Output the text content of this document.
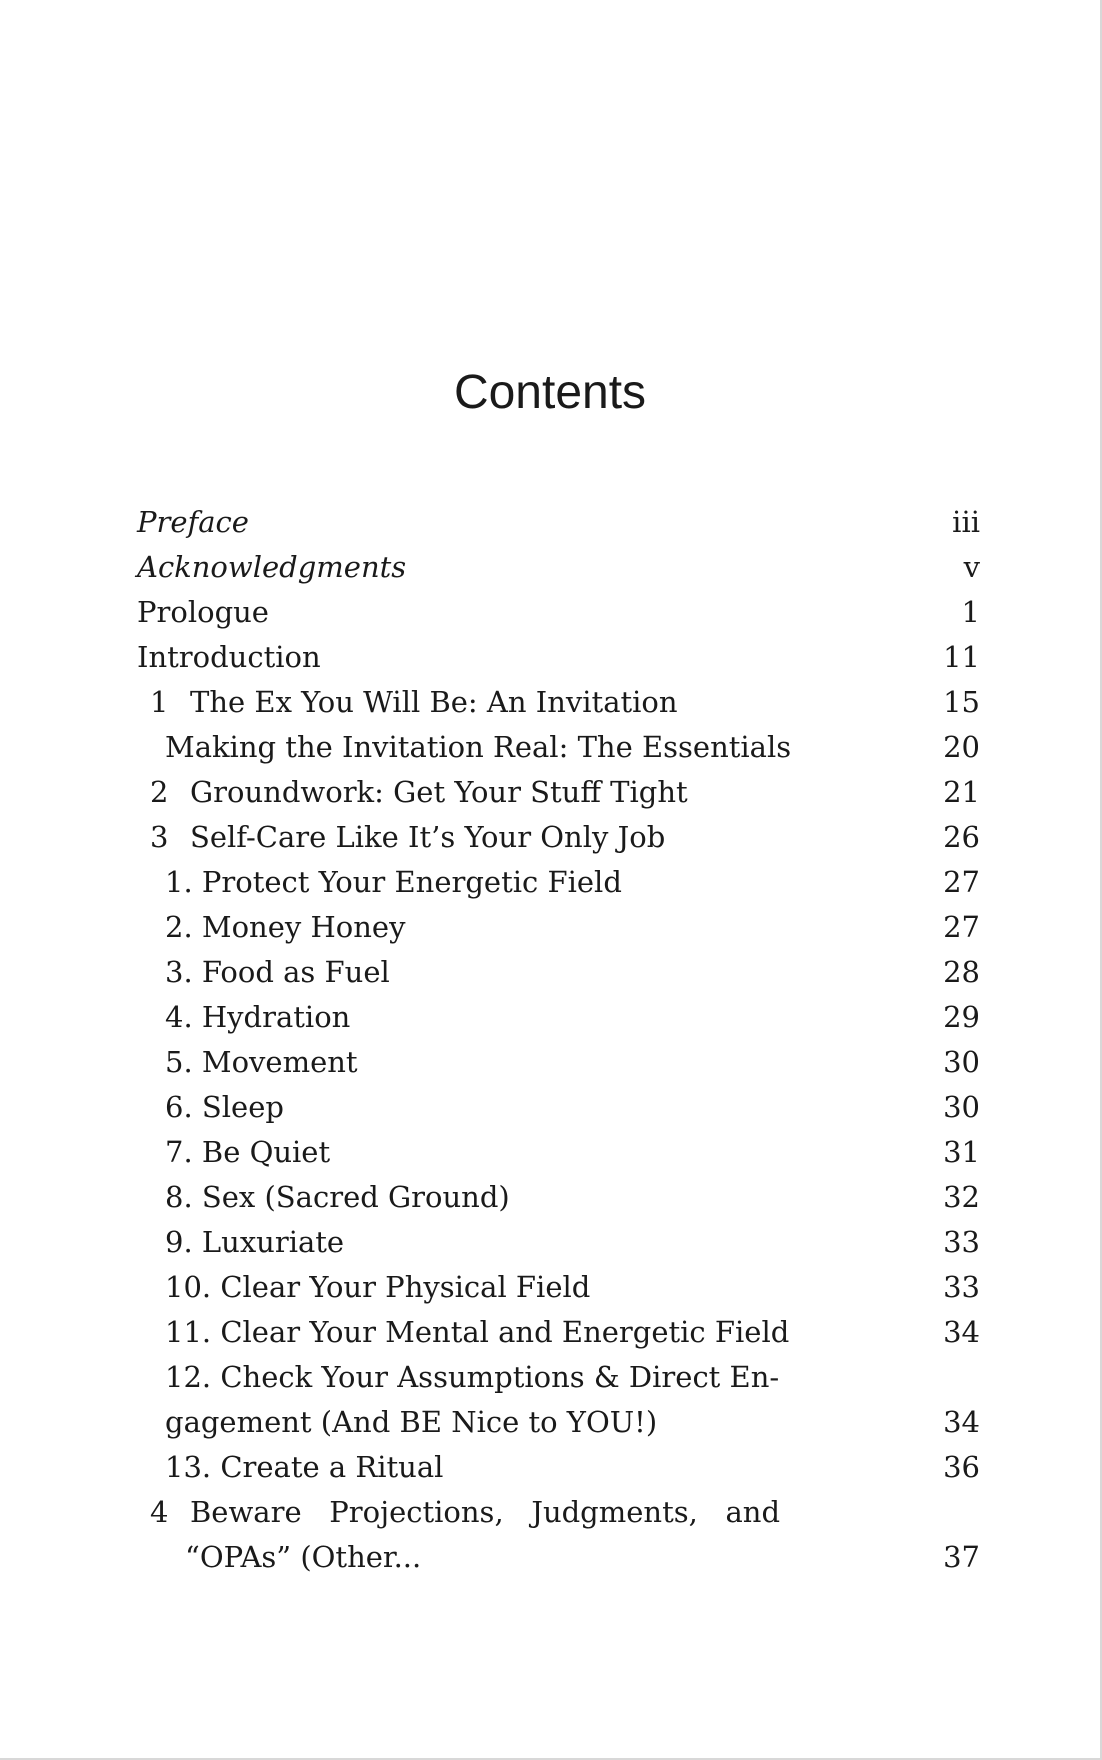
Contents
Preface	iii
Acknowledgments	v
Prologue	1
Introduction	11
1 The Ex You Will Be: An Invitation	15
Making the Invitation Real: The Essentials	20
2 Groundwork: Get Your Stuff Tight	21
3 Self-Care Like It’s Your Only Job	26
1. Protect Your Energetic Field	27
2. Money Honey	27
3. Food as Fuel	28
4. Hydration	29
5. Movement	30
6. Sleep	30
7. Be Quiet	31
8. Sex (Sacred Ground)	32
9. Luxuriate	33
10. Clear Your Physical Field	33
11. Clear Your Mental and Energetic Field	34
12. Check Your Assumptions & Direct En-
gagement (And BE Nice to YOU!)	34
13. Create a Ritual	36
4 Beware   Projections,   Judgments,   and
“OPAs” (Other...	37
